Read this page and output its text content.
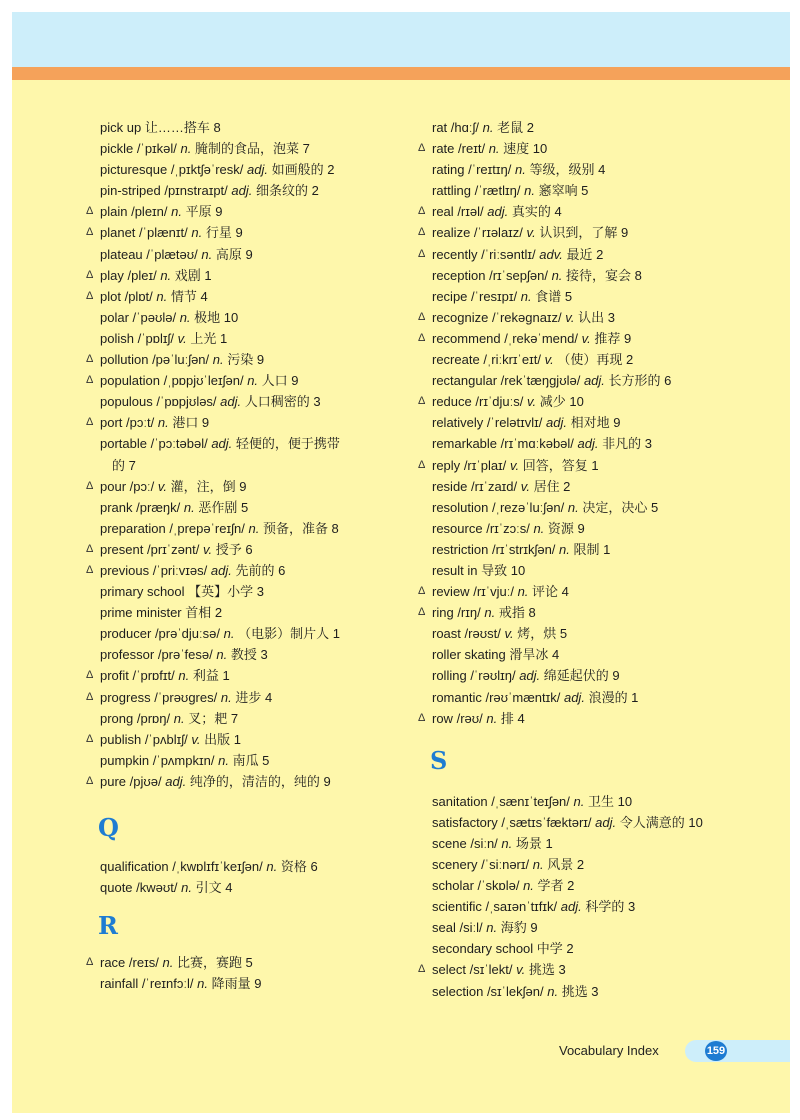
pick up 让……搭车 8
pickle /ˈpɪkəl/ n. 腌制的食品，泡菜 7
picturesque /ˌpɪktʃəˈresk/ adj. 如画般的 2
pin-striped /pɪnstraɪpt/ adj. 细条纹的 2
Δ plain /pleɪn/ n. 平原 9
Δ planet /ˈplænɪt/ n. 行星 9
plateau /ˈplætəʊ/ n. 高原 9
Δ play /pleɪ/ n. 戏剧 1
Δ plot /plɒt/ n. 情节 4
polar /ˈpəʊlə/ n. 极地 10
polish /ˈpɒlɪʃ/ v. 上光 1
Δ pollution /pəˈluːʃən/ n. 污染 9
Δ population /ˌpɒpjʊˈleɪʃən/ n. 人口 9
populous /ˈpɒpjʊləs/ adj. 人口稠密的 3
Δ port /pɔːt/ n. 港口 9
portable /ˈpɔːtəbəl/ adj. 轻便的，便于携带
的 7
Δ pour /pɔː/ v. 灌，注，倒 9
prank /præŋk/ n. 恶作剧 5
preparation /ˌprepəˈreɪʃn/ n. 预备，准备 8
Δ present /prɪˈzənt/ v. 授予 6
Δ previous /ˈpriːvɪəs/ adj. 先前的 6
primary school 【英】小学 3
prime minister 首相 2
producer /prəˈdjuːsə/ n. （电影）制片人 1
professor /prəˈfesə/ n. 教授 3
Δ profit /ˈprɒfɪt/ n. 利益 1
Δ progress /ˈprəʊgres/ n. 进步 4
prong /prɒŋ/ n. 叉；耙 7
Δ publish /ˈpʌblɪʃ/ v. 出版 1
pumpkin /ˈpʌmpkɪn/ n. 南瓜 5
Δ pure /pjʊə/ adj. 纯净的，清洁的，纯的 9
Q
qualification /ˌkwɒlɪfɪˈkeɪʃən/ n. 资格 6
quote /kwəʊt/ n. 引文 4
R
Δ race /reɪs/ n. 比赛，赛跑 5
rainfall /ˈreɪnfɔːl/ n. 降雨量 9
rat /hɑːʃ/ n. 老鼠 2
Δ rate /reɪt/ n. 速度 10
rating /ˈreɪtɪŋ/ n. 等级，级别 4
rattling /ˈrætlɪŋ/ n. 窸窣响 5
Δ real /rɪəl/ adj. 真实的 4
Δ realize /ˈrɪəlaɪz/ v. 认识到，了解 9
Δ recently /ˈriːsəntlɪ/ adv. 最近 2
reception /rɪˈsepʃən/ n. 接待，宴会 8
recipe /ˈresɪpɪ/ n. 食谱 5
Δ recognize /ˈrekəgnaɪz/ v. 认出 3
Δ recommend /ˌrekəˈmend/ v. 推荐 9
recreate /ˌriːkrɪˈeɪt/ v. （使）再现 2
rectangular /rekˈtæŋgjʊlə/ adj. 长方形的 6
Δ reduce /rɪˈdjuːs/ v. 减少 10
relatively /ˈrelətɪvlɪ/ adj. 相对地 9
remarkable /rɪˈmɑːkəbəl/ adj. 非凡的 3
Δ reply /rɪˈplaɪ/ v. 回答，答复 1
reside /rɪˈzaɪd/ v. 居住 2
resolution /ˌrezəˈluːʃən/ n. 决定，决心 5
resource /rɪˈzɔːs/ n. 资源 9
restriction /rɪˈstrɪkʃən/ n. 限制 1
result in 导致 10
Δ review /rɪˈvjuː/ n. 评论 4
Δ ring /rɪŋ/ n. 戒指 8
roast /rəʊst/ v. 烤，烘 5
roller skating 滑旱冰 4
rolling /ˈrəʊlɪŋ/ adj. 绵延起伏的 9
romantic /rəʊˈmæntɪk/ adj. 浪漫的 1
Δ row /rəʊ/ n. 排 4
S
sanitation /ˌsænɪˈteɪʃən/ n. 卫生 10
satisfactory /ˌsætɪsˈfæktərɪ/ adj. 令人满意的 10
scene /siːn/ n. 场景 1
scenery /ˈsiːnərɪ/ n. 风景 2
scholar /ˈskɒlə/ n. 学者 2
scientific /ˌsaɪənˈtɪfɪk/ adj. 科学的 3
seal /siːl/ n. 海豹 9
secondary school 中学 2
Δ select /sɪˈlekt/ v. 挑选 3
selection /sɪˈlekʃən/ n. 挑选 3
Vocabulary Index	159
